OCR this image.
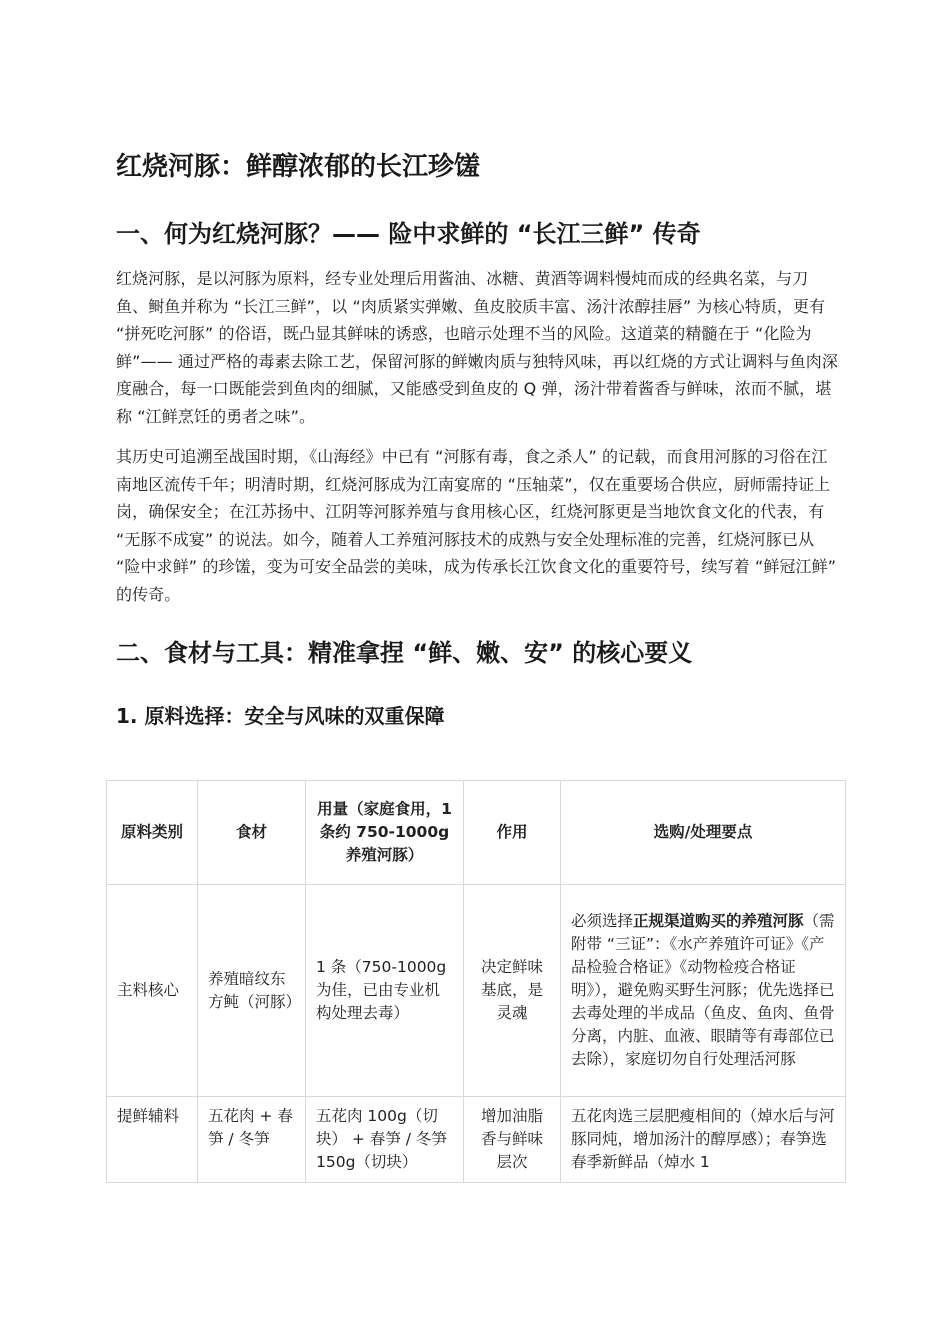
红烧河豚：鲜醇浓郁的长江珍馐
一、何为红烧河豚？—— 险中求鲜的 “长江三鲜” 传奇

红烧河豚，是以河豚为原料，经专业处理后用酱油、冰糖、黄酒等调料慢炖而成的经典名菜，与刀鱼、鲥鱼并称为 “长江三鲜”，以 “肉质紧实弹嫩、鱼皮胶质丰富、汤汁浓醇挂唇” 为核心特质，更有 “拼死吃河豚” 的俗语，既凸显其鲜味的诱惑，也暗示处理不当的风险。这道菜的精髓在于 “化险为鲜”—— 通过严格的毒素去除工艺，保留河豚的鲜嫩肉质与独特风味，再以红烧的方式让调料与鱼肉深度融合，每一口既能尝到鱼肉的细腻，又能感受到鱼皮的 Q 弹，汤汁带着酱香与鲜味，浓而不腻，堪称 “江鲜烹饪的勇者之味”。

其历史可追溯至战国时期，《山海经》中已有 “河豚有毒，食之杀人” 的记载，而食用河豚的习俗在江南地区流传千年；明清时期，红烧河豚成为江南宴席的 “压轴菜”，仅在重要场合供应，厨师需持证上岗，确保安全；在江苏扬中、江阴等河豚养殖与食用核心区，红烧河豚更是当地饮食文化的代表，有 “无豚不成宴” 的说法。如今，随着人工养殖河豚技术的成熟与安全处理标准的完善，红烧河豚已从 “险中求鲜” 的珍馐，变为可安全品尝的美味，成为传承长江饮食文化的重要符号，续写着 “鲜冠江鲜” 的传奇。

二、食材与工具：精准拿捏 “鲜、嫩、安” 的核心要义
1. 原料选择：安全与风味的双重保障
原料类别	食材	用量（家庭食用，1 条约 750-1000g 养殖河豚）	作用	选购/处理要点
主料核心	养殖暗纹东方鲀（河豚）	1 条（750-1000g 为佳，已由专业机构处理去毒）	决定鲜味基底，是灵魂	必须选择正规渠道购买的养殖河豚（需附带 “三证”：《水产养殖许可证》《产品检验合格证》《动物检疫合格证明》），避免购买野生河豚；优先选择已去毒处理的半成品（鱼皮、鱼肉、鱼骨分离，内脏、血液、眼睛等有毒部位已去除），家庭切勿自行处理活河豚
提鲜辅料	五花肉 + 春笋 / 冬笋	五花肉 100g（切块） + 春笋 / 冬笋 150g（切块）	增加油脂香与鲜味层次	五花肉选三层肥瘦相间的（焯水后与河豚同炖，增加汤汁的醇厚感）；春笋选春季新鲜品（焯水 1
